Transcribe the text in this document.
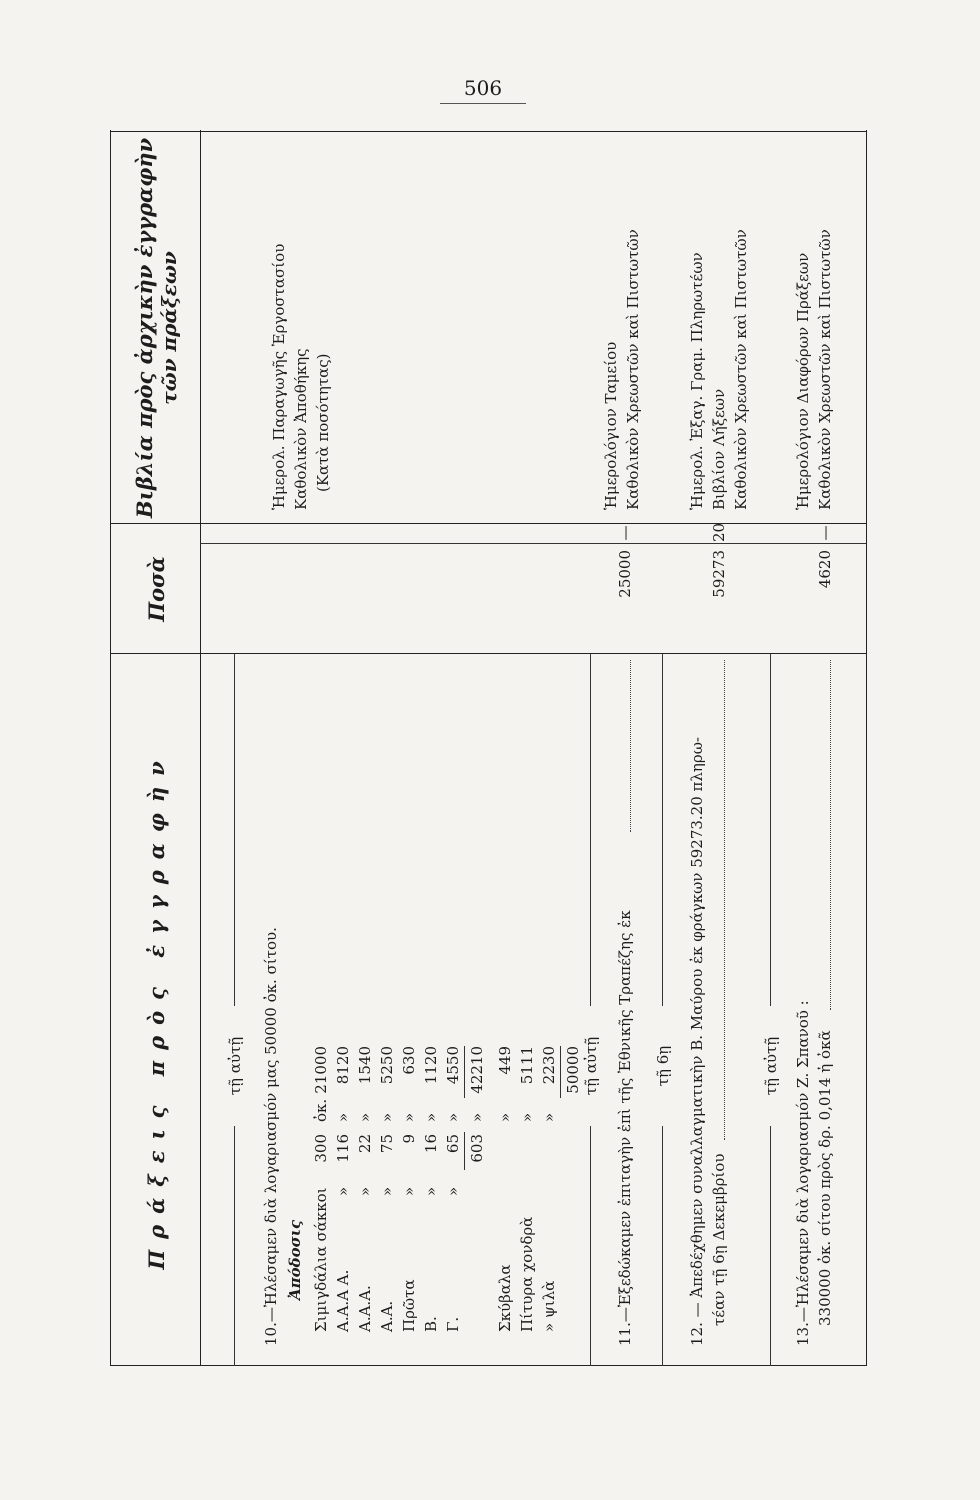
506
Πράξεις πρὸς ἐγγραφὴν
Ποσὰ
Βιβλία πρὸς ἀρχικὴν ἐγγραφὴν τῶν πράξεων
τῇ αὐτῇ 10.—Ἠλέσαμεν διὰ λογαριασμόν μας 50000 ὀκ. σίτου. Ἀπόδοσις Σιμιγδάλια σάκκοι
300
ὀκ.
21000
Α.Α.Α Α.
»
116
»
8120
Α.Α.Α.
»
22
»
1540
Α.Α.
»
75
»
5250
Πρῶτα
»
9
»
630
Β.
»
16
»
1120
Γ.
»
65
»
4550
603
»
42210
Σκύβαλα
»
449
Πίτυρα χονδρὰ
»
5111
» ψιλὰ
»
2230 50000
Ἡμερολ. Παραγωγῆς Ἐργοστασίου Καθολικὸν Ἀποθήκης (Κατὰ ποσότητας)
τῇ αὐτῇ 11.—Ἐξεδώκαμεν ἐπιταγὴν ἐπὶ τῆς Ἐθνικῆς Τραπέζης ἐκ
25000
—
Ἡμερολόγιον Ταμείου Καθολικὸν Χρεωστῶν καὶ Πιστωτῶν
τῇ 6ῃ 12. — Ἀπεδέχθημεν συναλλαγματικὴν Β. Μαύρου ἐκ φράγκων 59273.20 πληρω- τέαν τῇ 6ῃ Δεκεμβρίου
59273
20
Ἡμερολ. Ἐξαγ. Γραμ. Πληρωτέων Βιβλίον Λήξεων Καθολικὸν Χρεωστῶν καὶ Πιστωτῶν
τῇ αὐτῇ 13.—Ἠλέσαμεν διὰ λογαριασμόν Ζ. Σπανοῦ : 330000 ὀκ. σίτου πρὸς δρ. 0,014 ἡ ὀκᾶ
4620
—
Ἡμερολόγιον Διαφόρων Πράξεων Καθολικὸν Χρεωστῶν καὶ Πιστωτῶν
